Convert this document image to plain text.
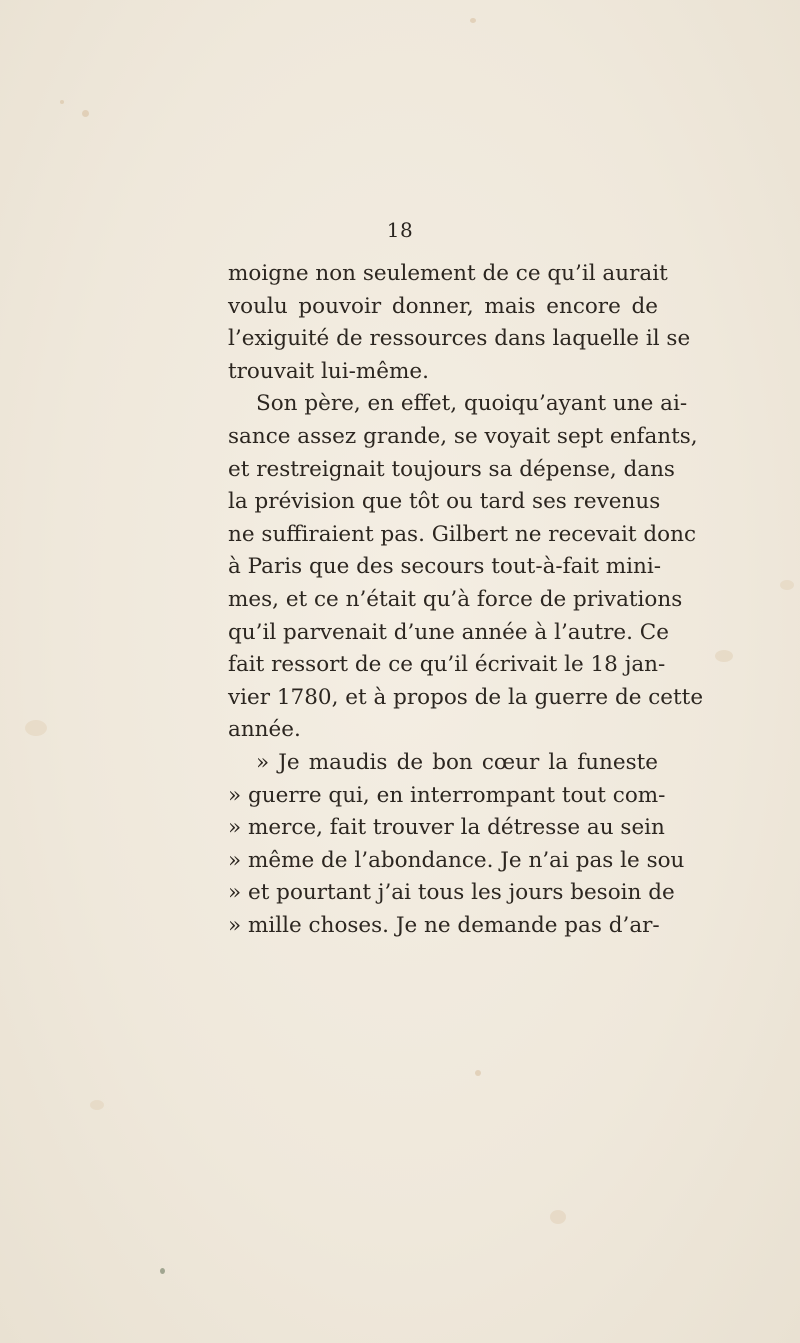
18
moigne non seulement de ce qu’il aurait
voulu pouvoir donner, mais encore de
l’exiguité de ressources dans laquelle il se
trouvait lui-même.
Son père, en effet, quoiqu’ayant une ai-
sance assez grande, se voyait sept enfants,
et restreignait toujours sa dépense, dans
la prévision que tôt ou tard ses revenus
ne suffiraient pas. Gilbert ne recevait donc
à Paris que des secours tout-à-fait mini-
mes, et ce n’était qu’à force de privations
qu’il parvenait d’une année à l’autre. Ce
fait ressort de ce qu’il écrivait le 18 jan-
vier 1780, et à propos de la guerre de cette
année.
» Je maudis de bon cœur la funeste
» guerre qui, en interrompant tout com-
» merce, fait trouver la détresse au sein
» même de l’abondance. Je n’ai pas le sou
» et pourtant j’ai tous les jours besoin de
» mille choses. Je ne demande pas d’ar-
